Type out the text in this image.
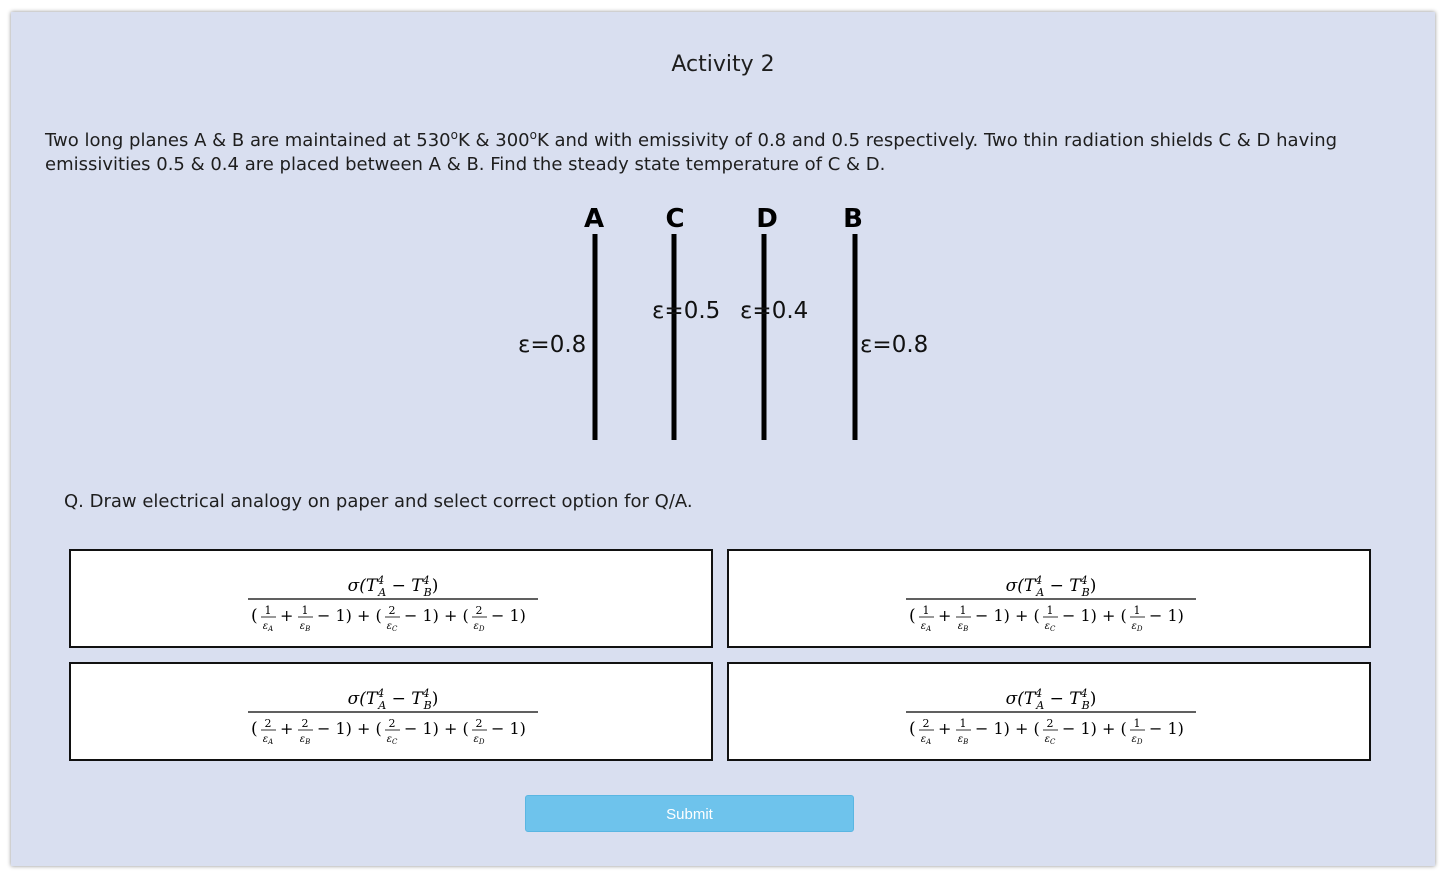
Activity 2
Two long planes A & B are maintained at 530$^o$K & 300$^o$K and with emissivity of 0.8 and 0.5 respectively. Two thin radiation shields C & D having emissivities 0.5 & 0.4 are placed between A & B. Find the steady state temperature of C & D.
A C	D	B
ε=0.8
ε=0.5 ε=0.4
ε=0.8
Q. Draw electrical analogy on paper and select correct option for Q/A.
$\sigma(T^4$ $A - T^4$ B)
( 1
$\varepsilon_A$
+ 1
$\varepsilon_B$
− 1) + ( 2
$\varepsilon_C$
− 1) + ( 2
$\varepsilon_D$
− 1)
$\sigma(T^4$ $A - T^4$ B)
( 1
$\varepsilon_A$
+ 1
$\varepsilon_B$
− 1) + ( 1
$\varepsilon_C$
− 1) + ( 1
$\varepsilon_D$
− 1)
$\sigma(T^4$ $A - T^4$ B)
( 2
$\varepsilon_A$
+ 2
$\varepsilon_B$
− 1) + ( 2
$\varepsilon_C$
− 1) + ( 2
$\varepsilon_D$
− 1)
$\sigma(T^4$ $A - T^4$ B)
( 2
$\varepsilon_A$
+ 1
$\varepsilon_B$
− 1) + ( 2
$\varepsilon_C$
− 1) + ( 1
$\varepsilon_D$
− 1)
Submit
